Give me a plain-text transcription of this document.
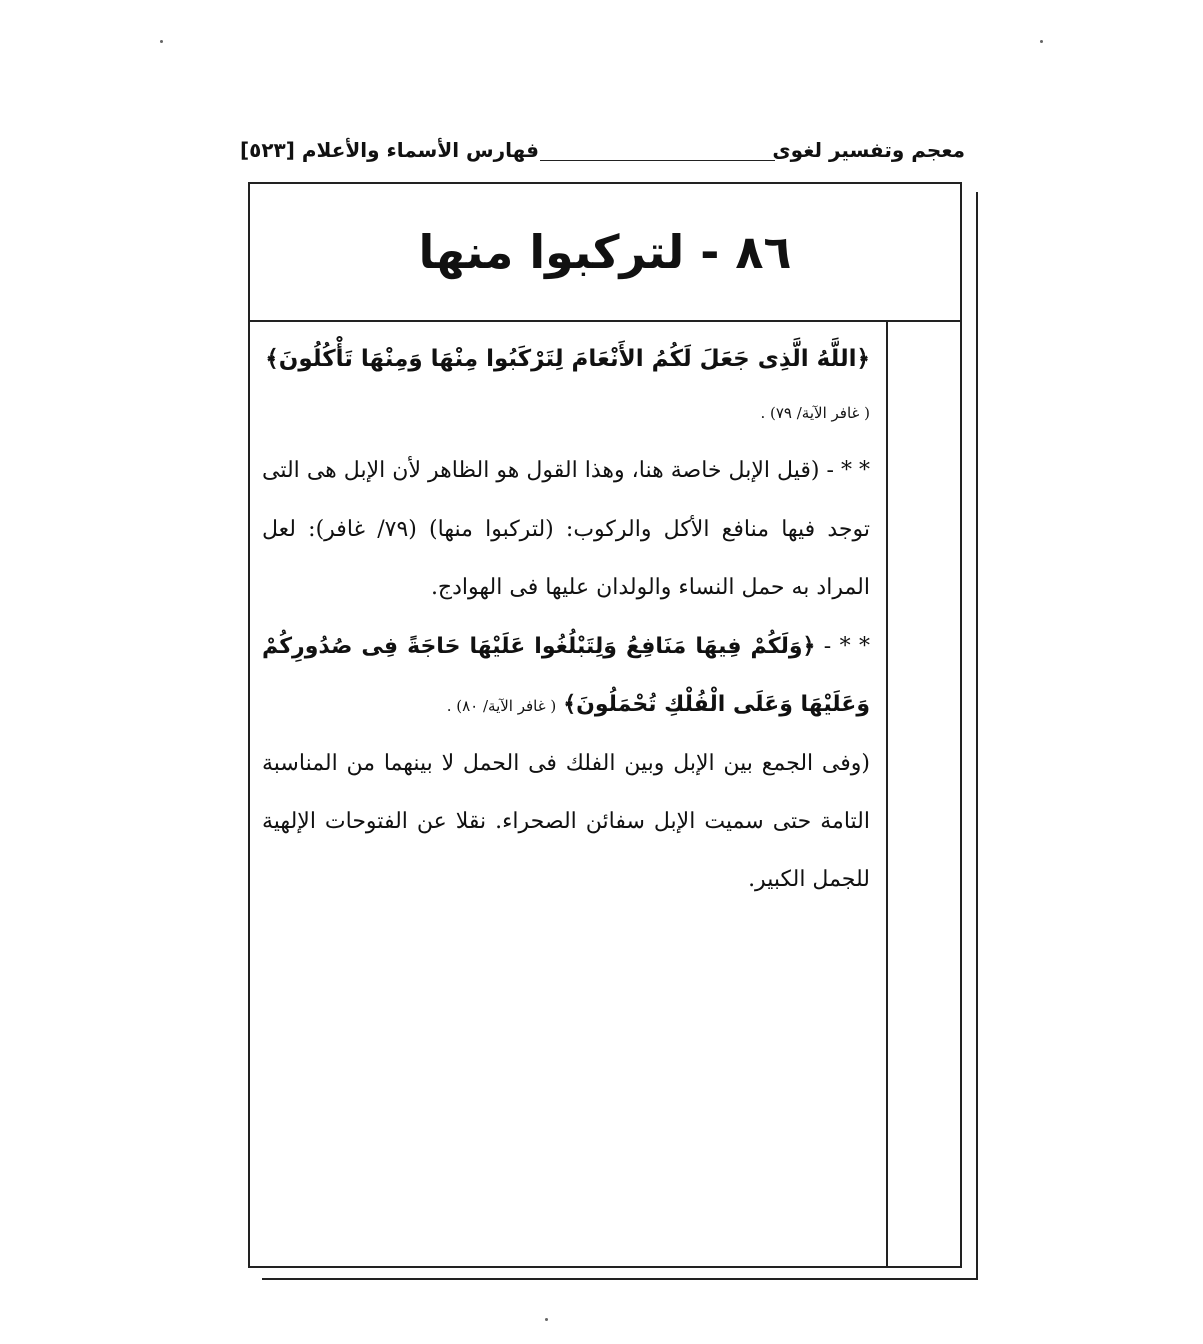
معجم وتفسير لغوى
فهارس الأسماء والأعلام [٥٢٣]
٨٦ - لتركبوا منها

﴿اللَّهُ الَّذِى جَعَلَ لَكُمُ الأَنْعَامَ لِتَرْكَبُوا مِنْهَا وَمِنْهَا تَأْكُلُونَ﴾

( غافر الآية/ ٧٩) .

* * - (قيل الإبل خاصة هنا، وهذا القول هو الظاهر لأن الإبل هى التى توجد فيها منافع الأكل والركوب: (لتركبوا منها) (٧٩/ غافر): لعل المراد به حمل النساء والولدان عليها فى الهوادج.

* * - ﴿وَلَكُمْ فِيهَا مَنَافِعُ وَلِتَبْلُغُوا عَلَيْهَا حَاجَةً فِى صُدُورِكُمْ وَعَلَيْهَا وَعَلَى الْفُلْكِ تُحْمَلُونَ﴾ ( غافر الآية/ ٨٠) .

(وفى الجمع بين الإبل وبين الفلك فى الحمل لا بينهما من المناسبة التامة حتى سميت الإبل سفائن الصحراء. نقلا عن الفتوحات الإلهية للجمل الكبير.
